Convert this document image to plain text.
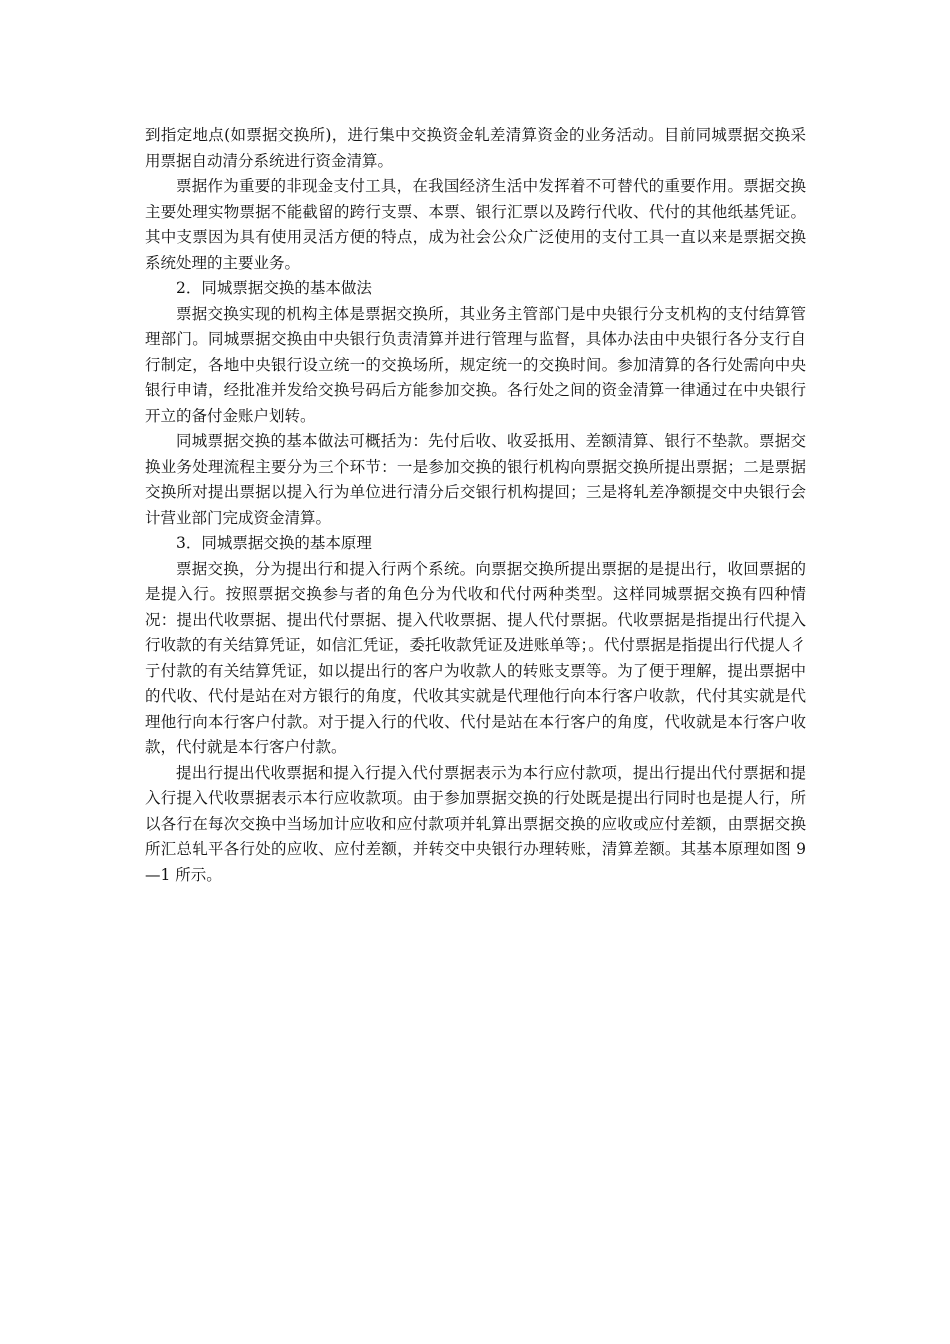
到指定地点(如票据交换所)，进行集中交换资金轧差清算资金的业务活动。目前同城票据交换采用票据自动清分系统进行资金清算。

票据作为重要的非现金支付工具，在我国经济生活中发挥着不可替代的重要作用。票据交换主要处理实物票据不能截留的跨行支票、本票、银行汇票以及跨行代收、代付的其他纸基凭证。其中支票因为具有使用灵活方便的特点，成为社会公众广泛使用的支付工具一直以来是票据交换系统处理的主要业务。

2．同城票据交换的基本做法

票据交换实现的机构主体是票据交换所，其业务主管部门是中央银行分支机构的支付结算管理部门。同城票据交换由中央银行负责清算并进行管理与监督，具体办法由中央银行各分支行自行制定，各地中央银行设立统一的交换场所，规定统一的交换时间。参加清算的各行处需向中央银行申请，经批准并发给交换号码后方能参加交换。各行处之间的资金清算一律通过在中央银行开立的备付金账户划转。

同城票据交换的基本做法可概括为：先付后收、收妥抵用、差额清算、银行不垫款。票据交换业务处理流程主要分为三个环节：一是参加交换的银行机构向票据交换所提出票据；二是票据交换所对提出票据以提入行为单位进行清分后交银行机构提回；三是将轧差净额提交中央银行会计营业部门完成资金清算。

3．同城票据交换的基本原理

票据交换，分为提出行和提入行两个系统。向票据交换所提出票据的是提出行，收回票据的是提入行。按照票据交换参与者的角色分为代收和代付两种类型。这样同城票据交换有四种情况：提出代收票据、提出代付票据、提入代收票据、提人代付票据。代收票据是指提出行代提入行收款的有关结算凭证，如信汇凭证，委托收款凭证及进账单等；。代付票据是指提出行代提人彳亍付款的有关结算凭证，如以提出行的客户为收款人的转账支票等。为了便于理解，提出票据中的代收、代付是站在对方银行的角度，代收其实就是代理他行向本行客户收款，代付其实就是代理他行向本行客户付款。对于提入行的代收、代付是站在本行客户的角度，代收就是本行客户收款，代付就是本行客户付款。

提出行提出代收票据和提入行提入代付票据表示为本行应付款项，提出行提出代付票据和提入行提入代收票据表示本行应收款项。由于参加票据交换的行处既是提出行同时也是提人行，所以各行在每次交换中当场加计应收和应付款项并轧算出票据交换的应收或应付差额，由票据交换所汇总轧平各行处的应收、应付差额，并转交中央银行办理转账，清算差额。其基本原理如图 9—1 所示。
